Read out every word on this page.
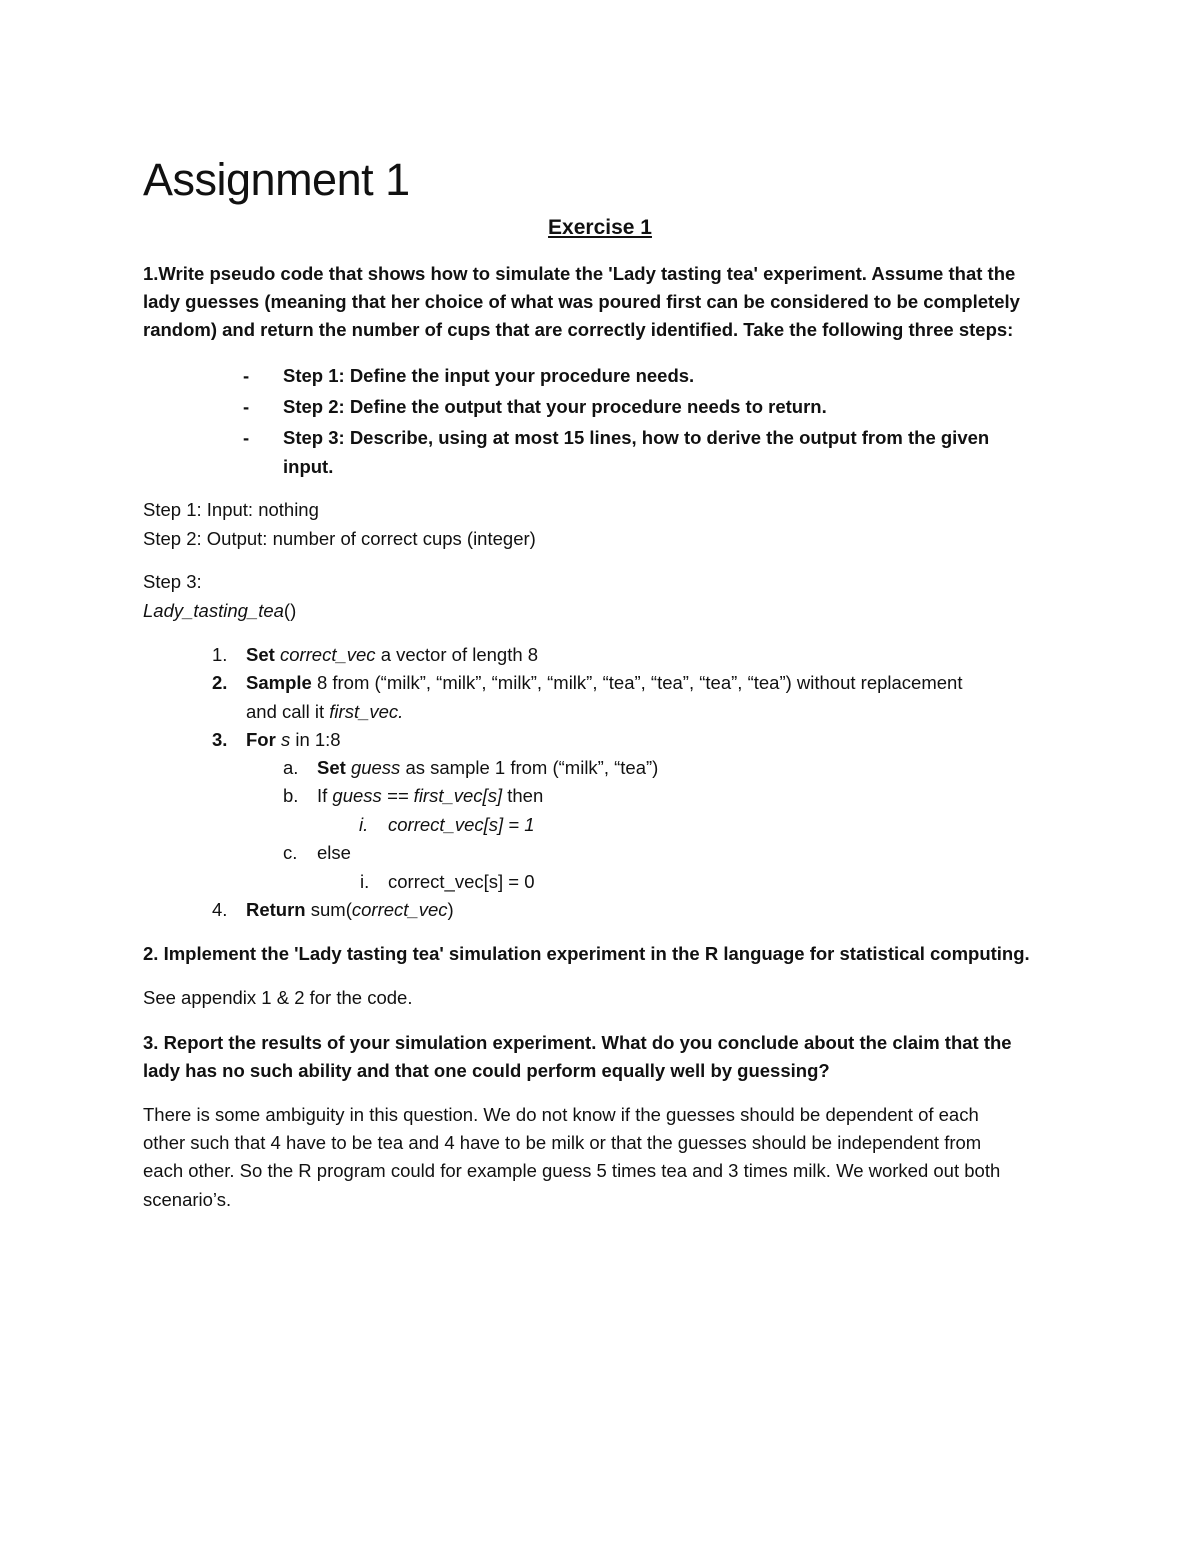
Assignment 1
Exercise 1

1.Write pseudo code that shows how to simulate the 'Lady tasting tea' experiment. Assume that the

lady guesses (meaning that her choice of what was poured first can be considered to be completely

random) and return the number of cups that are correctly identified. Take the following three steps:

- Step 1: Define the input your procedure needs.
- Step 2: Define the output that your procedure needs to return.
- Step 3: Describe, using at most 15 lines, how to derive the output from the given

input.

Step 1: Input: nothing

Step 2: Output: number of correct cups (integer)

Step 3:

Lady_tasting_tea()

1. Set correct_vec a vector of length 8
2. Sample 8 from (“milk”, “milk”, “milk”, “milk”, “tea”, “tea”, “tea”, “tea”) without replacement
and call it first_vec.
3. For s in 1:8
a. Set guess as sample 1 from (“milk”, “tea”)
b. If guess == first_vec[s] then
i. correct_vec[s] = 1
c. else
i. correct_vec[s] = 0
4. Return sum(correct_vec)

2. Implement the 'Lady tasting tea' simulation experiment in the R language for statistical computing.

See appendix 1 & 2 for the code.

3. Report the results of your simulation experiment. What do you conclude about the claim that the

lady has no such ability and that one could perform equally well by guessing?

There is some ambiguity in this question. We do not know if the guesses should be dependent of each

other such that 4 have to be tea and 4 have to be milk or that the guesses should be independent from

each other. So the R program could for example guess 5 times tea and 3 times milk. We worked out both

scenario’s.
